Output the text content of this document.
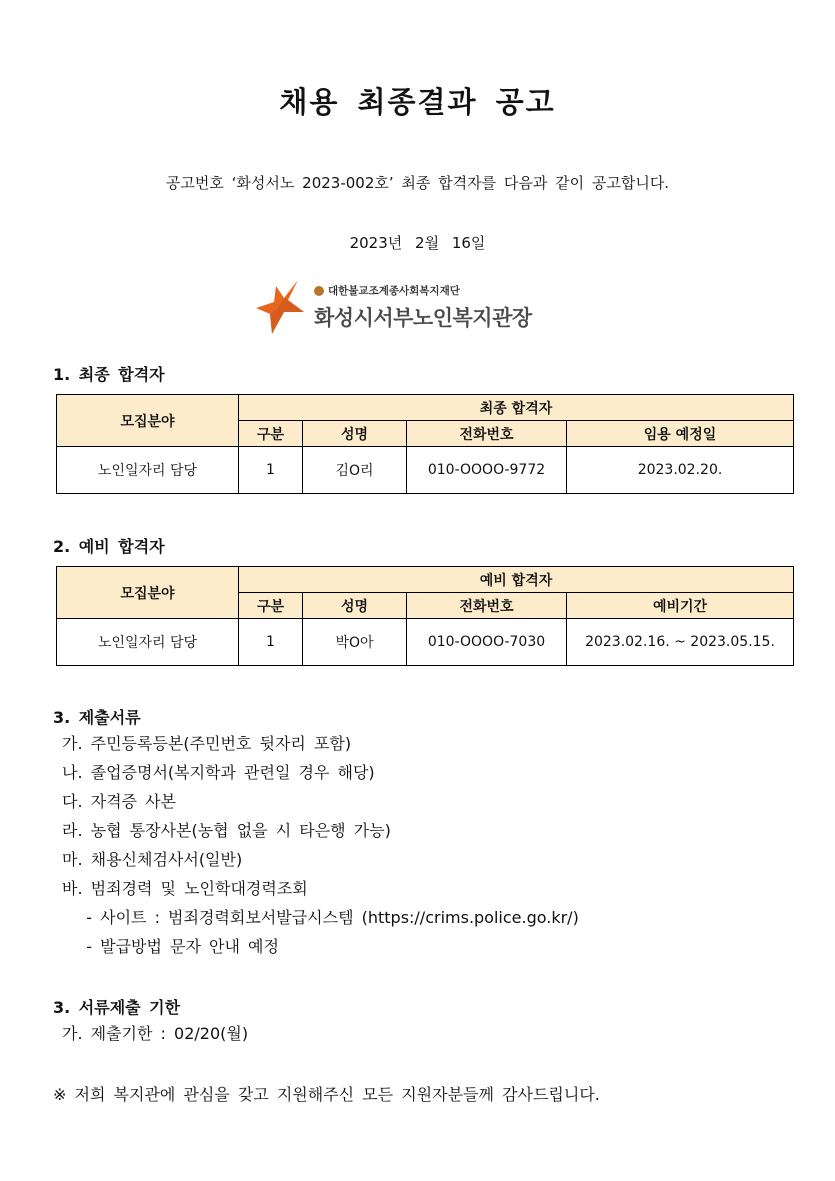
채용 최종결과 공고
공고번호 ‘화성서노 2023-002호’ 최종 합격자를 다음과 같이 공고합니다.
2023년 2월 16일
대한불교조계종사회복지재단
화성시서부노인복지관장
1. 최종 합격자
모집분야	최종 합격자			
	구분	성명	전화번호	임용 예정일
노인일자리 담당	1	김O리	010-OOOO-9772	2023.02.20.
2. 예비 합격자
모집분야	예비 합격자			
	구분	성명	전화번호	예비기간
노인일자리 담당	1	박O아	010-OOOO-7030	2023.02.16. ~ 2023.05.15.
3. 제출서류
가. 주민등록등본(주민번호 뒷자리 포함)
나. 졸업증명서(복지학과 관련일 경우 해당)
다. 자격증 사본
라. 농협 통장사본(농협 없을 시 타은행 가능)
마. 채용신체검사서(일반)
바. 범죄경력 및 노인학대경력조회
- 사이트 : 범죄경력회보서발급시스템 (https://crims.police.go.kr/)
- 발급방법 문자 안내 예정
3. 서류제출 기한
가. 제출기한 : 02/20(월)
※ 저희 복지관에 관심을 갖고 지원해주신 모든 지원자분들께 감사드립니다.
